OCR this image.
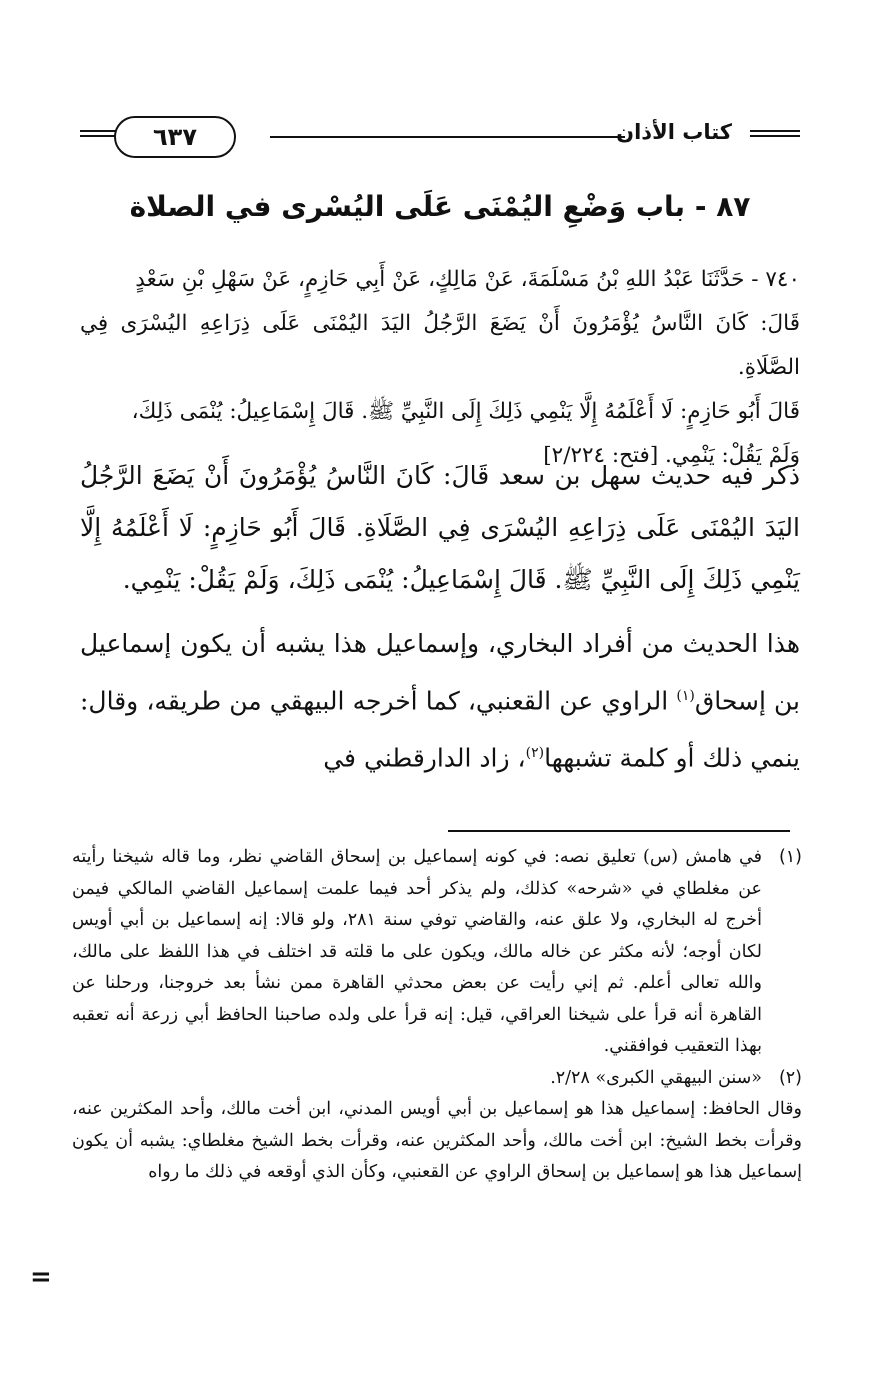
٦٣٧	كتاب الأذان
٨٧ - باب وَضْعِ اليُمْنَى عَلَى اليُسْرى في الصلاة

٧٤٠ - حَدَّثَنَا عَبْدُ اللهِ بْنُ مَسْلَمَةَ، عَنْ مَالِكٍ، عَنْ أَبِي حَازِمٍ، عَنْ سَهْلِ بْنِ سَعْدٍ

قَالَ: كَانَ النَّاسُ يُؤْمَرُونَ أَنْ يَضَعَ الرَّجُلُ اليَدَ اليُمْنَى عَلَى ذِرَاعِهِ اليُسْرَى فِي الصَّلَاةِ.

قَالَ أَبُو حَازِمٍ: لَا أَعْلَمُهُ إِلَّا يَنْمِي ذَلِكَ إِلَى النَّبِيِّ ﷺ. قَالَ إِسْمَاعِيلُ: يُنْمَى ذَلِكَ،

وَلَمْ يَقُلْ: يَنْمِي. [فتح: ٢/٢٢٤]

ذكر فيه حديث سهل بن سعد قَالَ: كَانَ النَّاسُ يُؤْمَرُونَ أَنْ يَضَعَ الرَّجُلُ اليَدَ اليُمْنَى عَلَى ذِرَاعِهِ اليُسْرَى فِي الصَّلَاةِ. قَالَ أَبُو حَازِمٍ: لَا أَعْلَمُهُ إِلَّا يَنْمِي ذَلِكَ إِلَى النَّبِيِّ ﷺ. قَالَ إِسْمَاعِيلُ: يُنْمَى ذَلِكَ، وَلَمْ يَقُلْ: يَنْمِي.

هذا الحديث من أفراد البخاري، وإسماعيل هذا يشبه أن يكون إسماعيل بن إسحاق$^{(١)}$ الراوي عن القعنبي، كما أخرجه البيهقي من طريقه، وقال: ينمي ذلك أو كلمة تشبهها$^{(٢)}$، زاد الدارقطني في

(١)
في هامش (س) تعليق نصه: في كونه إسماعيل بن إسحاق القاضي نظر، وما قاله شيخنا رأيته عن مغلطاي في «شرحه» كذلك، ولم يذكر أحد فيما علمت إسماعيل القاضي المالكي فيمن أخرج له البخاري، ولا علق عنه، والقاضي توفي سنة ٢٨١، ولو قالا: إنه إسماعيل بن أبي أويس لكان أوجه؛ لأنه مكثر عن خاله مالك، ويكون على ما قلته قد اختلف في هذا اللفظ على مالك، والله تعالى أعلم. ثم إني رأيت عن بعض محدثي القاهرة ممن نشأ بعد خروجنا، ورحلنا عن القاهرة أنه قرأ على شيخنا العراقي، قيل: إنه قرأ على ولده صاحبنا الحافظ أبي زرعة أنه تعقبه بهذا التعقيب فوافقني.
(٢)

«سنن البيهقي الكبرى» ٢/٢٨.

وقال الحافظ: إسماعيل هذا هو إسماعيل بن أبي أويس المدني، ابن أخت مالك، وأحد المكثرين عنه، وقرأت بخط الشيخ: ابن أخت مالك، وأحد المكثرين عنه، وقرأت بخط الشيخ مغلطاي: يشبه أن يكون إسماعيل هذا هو إسماعيل بن إسحاق الراوي عن القعنبي، وكأن الذي أوقعه في ذلك ما رواه
=
